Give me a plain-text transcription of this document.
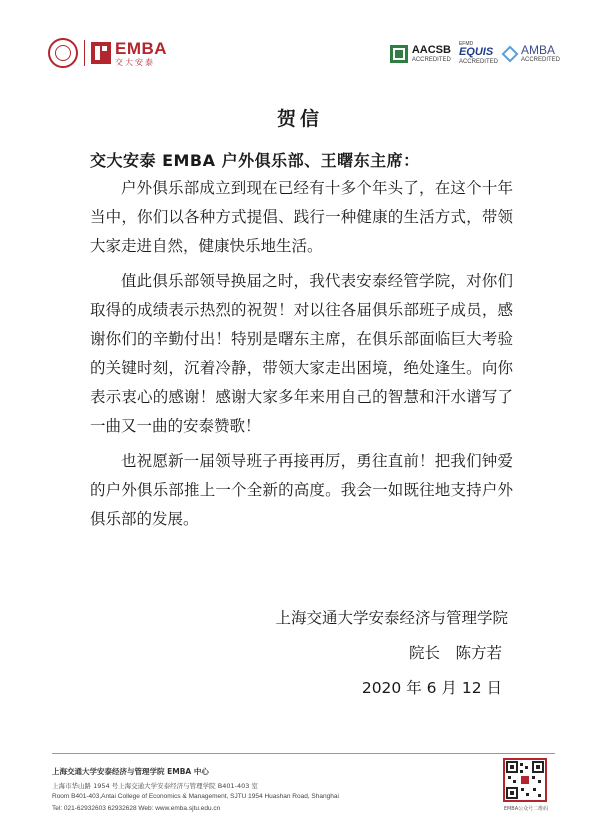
EMBA
交大安泰
AACSB
ACCREDITED
EFMD
EQUIS
ACCREDITED
AMBA
ACCREDITED
贺信
交大安泰 EMBA 户外俱乐部、王曙东主席：

户外俱乐部成立到现在已经有十多个年头了，在这个十年当中，你们以各种方式提倡、践行一种健康的生活方式，带领大家走进自然，健康快乐地生活。

值此俱乐部领导换届之时，我代表安泰经管学院，对你们取得的成绩表示热烈的祝贺！对以往各届俱乐部班子成员，感谢你们的辛勤付出！特别是曙东主席，在俱乐部面临巨大考验的关键时刻，沉着冷静，带领大家走出困境，绝处逢生。向你表示衷心的感谢！感谢大家多年来用自己的智慧和汗水谱写了一曲又一曲的安泰赞歌！

也祝愿新一届领导班子再接再厉，勇往直前！把我们钟爱的户外俱乐部推上一个全新的高度。我会一如既往地支持户外俱乐部的发展。

上海交通大学安泰经济与管理学院
院长　陈方若
2020 年 6 月 12 日
上海交通大学安泰经济与管理学院 EMBA 中心
上海市华山路 1954 号上海交通大学安泰经济与管理学院 B401-403 室
Room B401-403,Antai College of Economics & Management, SJTU 1954 Huashan Road, Shanghai
Tel: 021-62932603 62932628 Web: www.emba.sjtu.edu.cn	EMBA公众号二维码
